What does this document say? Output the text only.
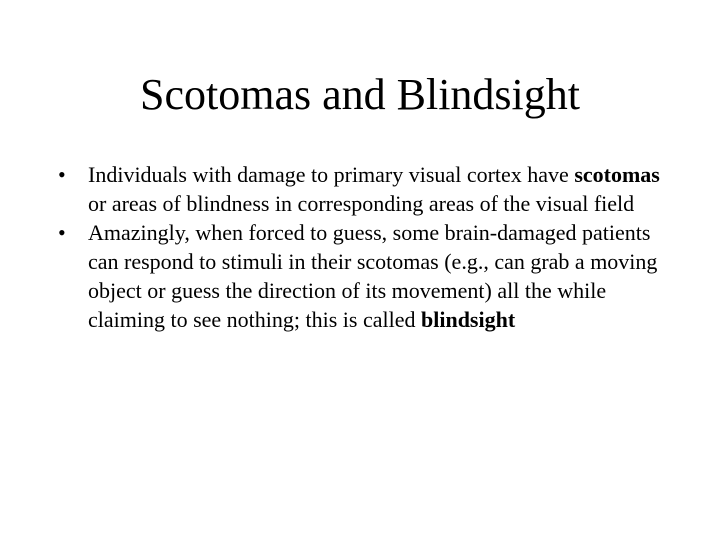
Scotomas and Blindsight
•	Individuals with damage to primary visual cortex have scotomas or areas of blindness in corresponding areas of the visual field
•	Amazingly, when forced to guess, some brain-damaged patients can respond to stimuli in their scotomas (e.g., can grab a moving object or guess the direction of its movement) all the while claiming to see nothing; this is called blindsight
